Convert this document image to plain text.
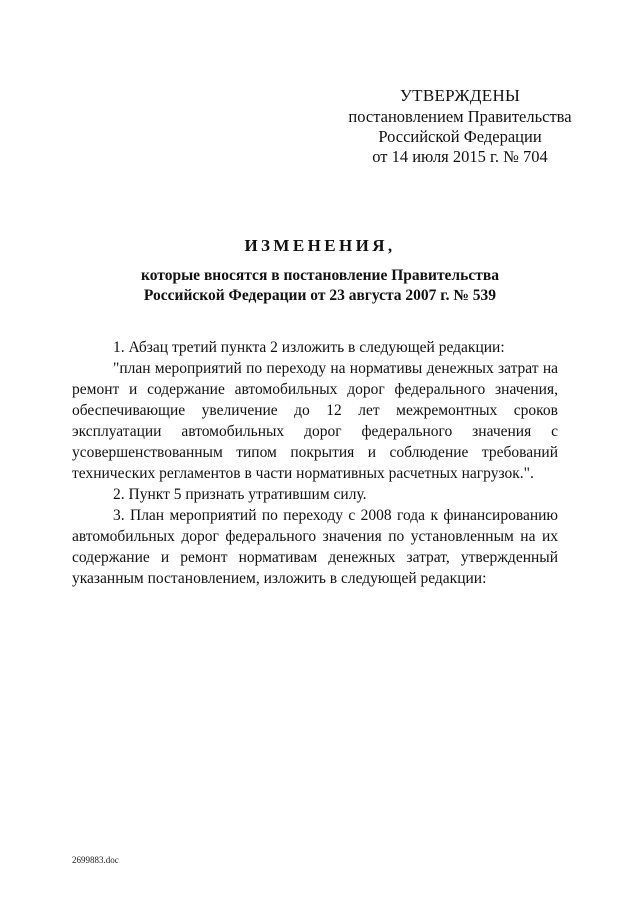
УТВЕРЖДЕНЫ
постановлением Правительства
Российской Федерации
от 14 июля 2015 г. № 704
ИЗМЕНЕНИЯ,
которые вносятся в постановление Правительства
Российской Федерации от 23 августа 2007 г. № 539

1. Абзац третий пункта 2 изложить в следующей редакции:

"план мероприятий по переходу на нормативы денежных затрат на
ремонт и содержание автомобильных дорог федерального значения,
обеспечивающие увеличение до 12 лет межремонтных сроков
эксплуатации автомобильных дорог федерального значения с
усовершенствованным типом покрытия и соблюдение требований
технических регламентов в части нормативных расчетных нагрузок.".

2. Пункт 5 признать утратившим силу.

3. План мероприятий по переходу с 2008 года к финансированию
автомобильных дорог федерального значения по установленным на их
содержание и ремонт нормативам денежных затрат, утвержденный
указанным постановлением, изложить в следующей редакции:
2699883.doc
